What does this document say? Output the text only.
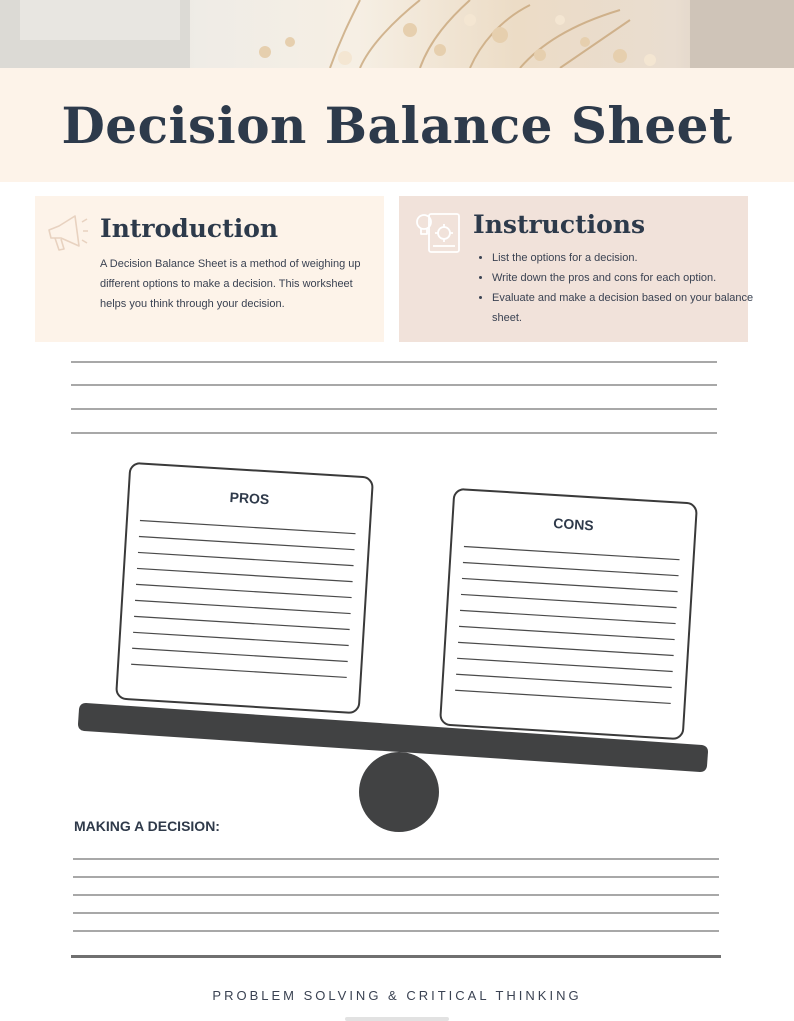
Decision Balance Sheet
Introduction

A Decision Balance Sheet is a method of weighing up different options to make a decision. This worksheet helps you think through your decision.

Instructions
• List the options for a decision.
• Write down the pros and cons for each option.
• Evaluate and make a decision based on your balance sheet.
PROS
CONS

MAKING A DECISION:

PROBLEM SOLVING & CRITICAL THINKING
